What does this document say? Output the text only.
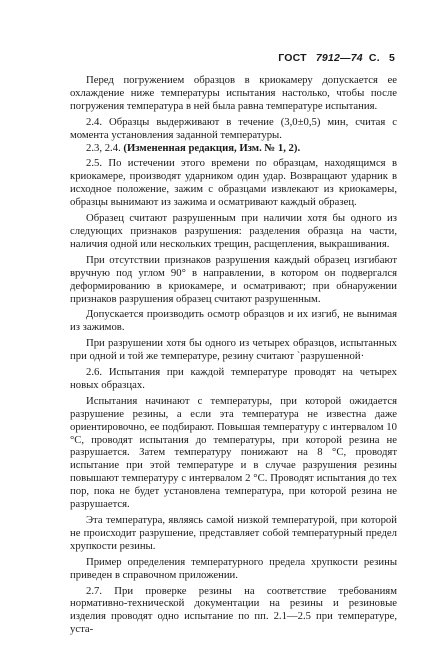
ГОСТ 7912—74 С. 5

Перед погружением образцов в криокамеру допускается ее охлаждение ниже температуры испытания настолько, чтобы после погружения температура в ней была равна температуре испытания.

2.4. Образцы выдерживают в течение (3,0±0,5) мин, считая с момента установления заданной температуры.

2.3, 2.4. (Измененная редакция, Изм. № 1, 2).

2.5. По истечении этого времени по образцам, находящимся в криокамере, производят ударником один удар. Возвращают ударник в исходное положение, зажим с образцами извлекают из криокамеры, образцы вынимают из зажима и осматривают каждый образец.

Образец считают разрушенным при наличии хотя бы одного из следующих признаков разрушения: разделения образца на части, наличия одной или нескольких трещин, расщепления, выкрашивания.

При отсутствии признаков разрушения каждый образец изгибают вручную под углом 90° в направлении, в котором он подвергался деформированию в криокамере, и осматривают; при обнаружении признаков разрушения образец считают разрушенным.

Допускается производить осмотр образцов и их изгиб, не вынимая из зажимов.

При разрушении хотя бы одного из четырех образцов, испытанных при одной и той же температуре, резину считают `разрушенной·

2.6. Испытания при каждой температуре проводят на четырех новых образцах.

Испытания начинают с температуры, при которой ожидается разрушение резины, а если эта температура не известна даже ориентировочно, ее подбирают. Повышая температуру с интервалом 10 °С, проводят испытания до температуры, при которой резина не разрушается. Затем температуру понижают на 8 °С, проводят испытание при этой температуре и в случае разрушения резины повышают температуру с интервалом 2 °С. Проводят испытания до тех пор, пока не будет установлена температура, при которой резина не разрушается.

Эта температура, являясь самой низкой температурой, при которой не происходит разрушение, представляет собой температурный предел хрупкости резины.

Пример определения температурного предела хрупкости резины приведен в справочном приложении.

2.7. При проверке резины на соответствие требованиям нормативно-технической документации на резины и резиновые изделия проводят одно испытание по пп. 2.1—2.5 при температуре, уста-
